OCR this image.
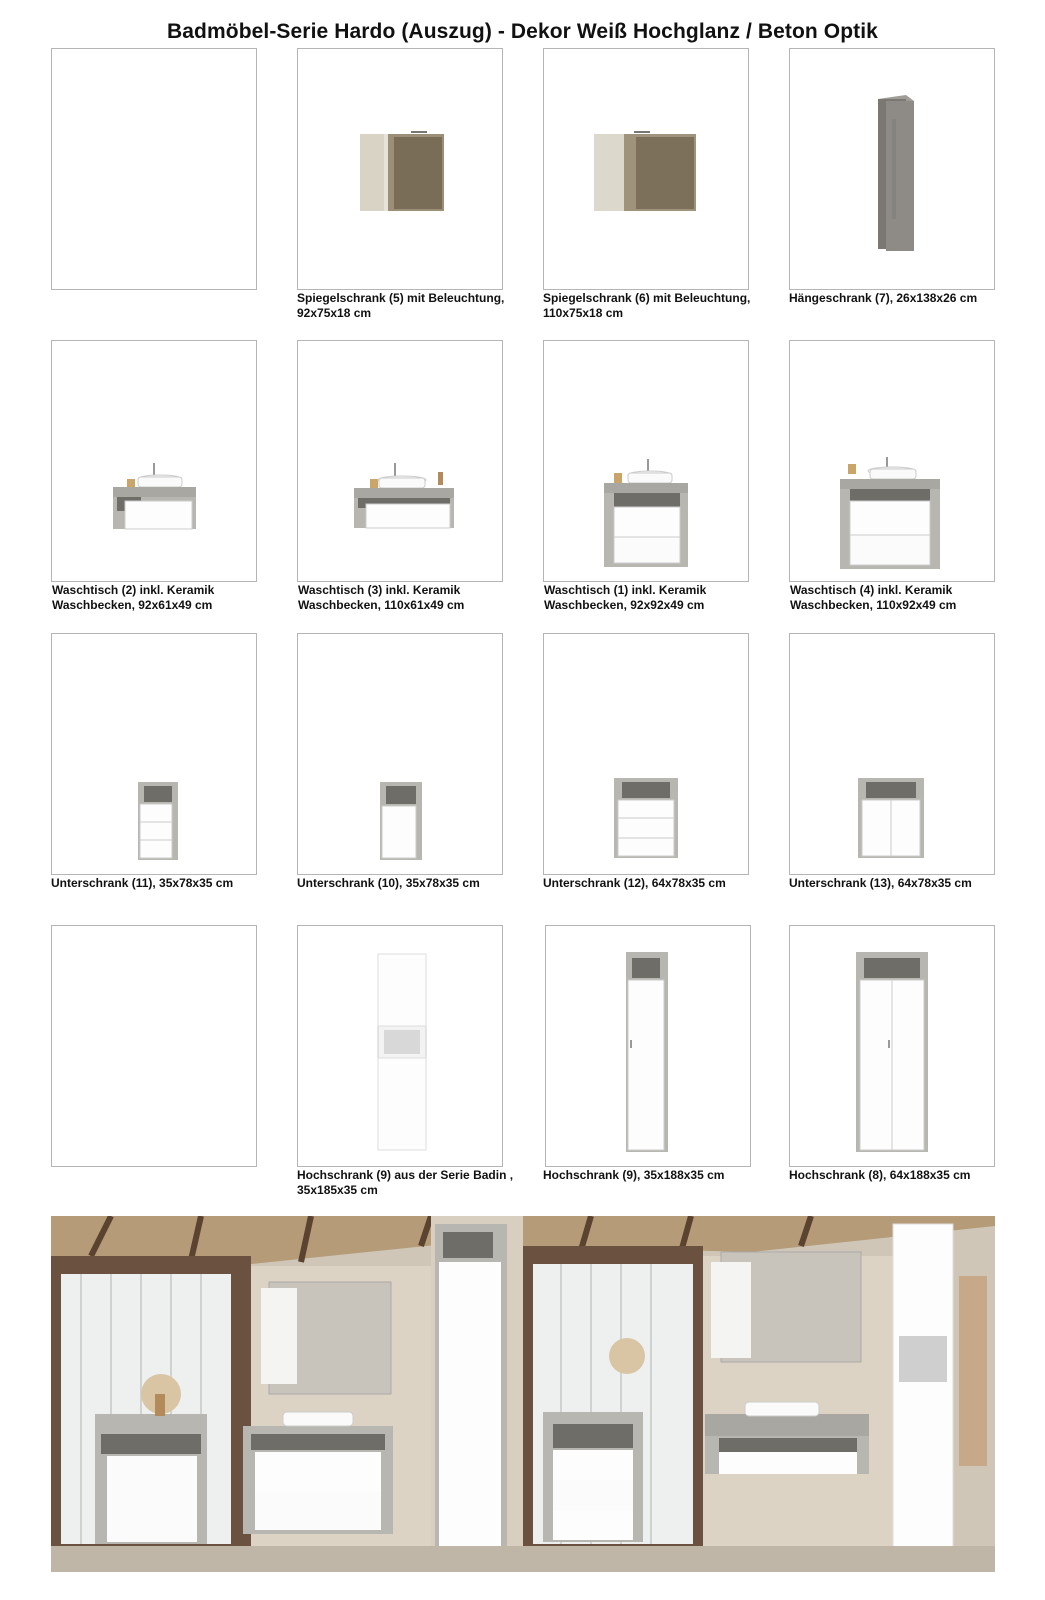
Badmöbel-Serie Hardo (Auszug) - Dekor Weiß Hochglanz / Beton Optik
Spiegelschrank (5) mit Beleuchtung, 92x75x18 cm
Spiegelschrank (6) mit Beleuchtung, 110x75x18 cm
Hängeschrank (7), 26x138x26 cm
Waschtisch (2) inkl. Keramik Waschbecken, 92x61x49 cm
Waschtisch (3) inkl. Keramik Waschbecken, 110x61x49 cm
Waschtisch (1) inkl. Keramik Waschbecken, 92x92x49 cm
Waschtisch (4) inkl. Keramik Waschbecken, 110x92x49 cm
Unterschrank (11), 35x78x35 cm	Unterschrank (10), 35x78x35 cm	Unterschrank (12), 64x78x35 cm	Unterschrank (13), 64x78x35 cm
Hochschrank (9) aus der Serie Badin , 35x185x35 cm
Hochschrank (9), 35x188x35 cm	Hochschrank (8), 64x188x35 cm
